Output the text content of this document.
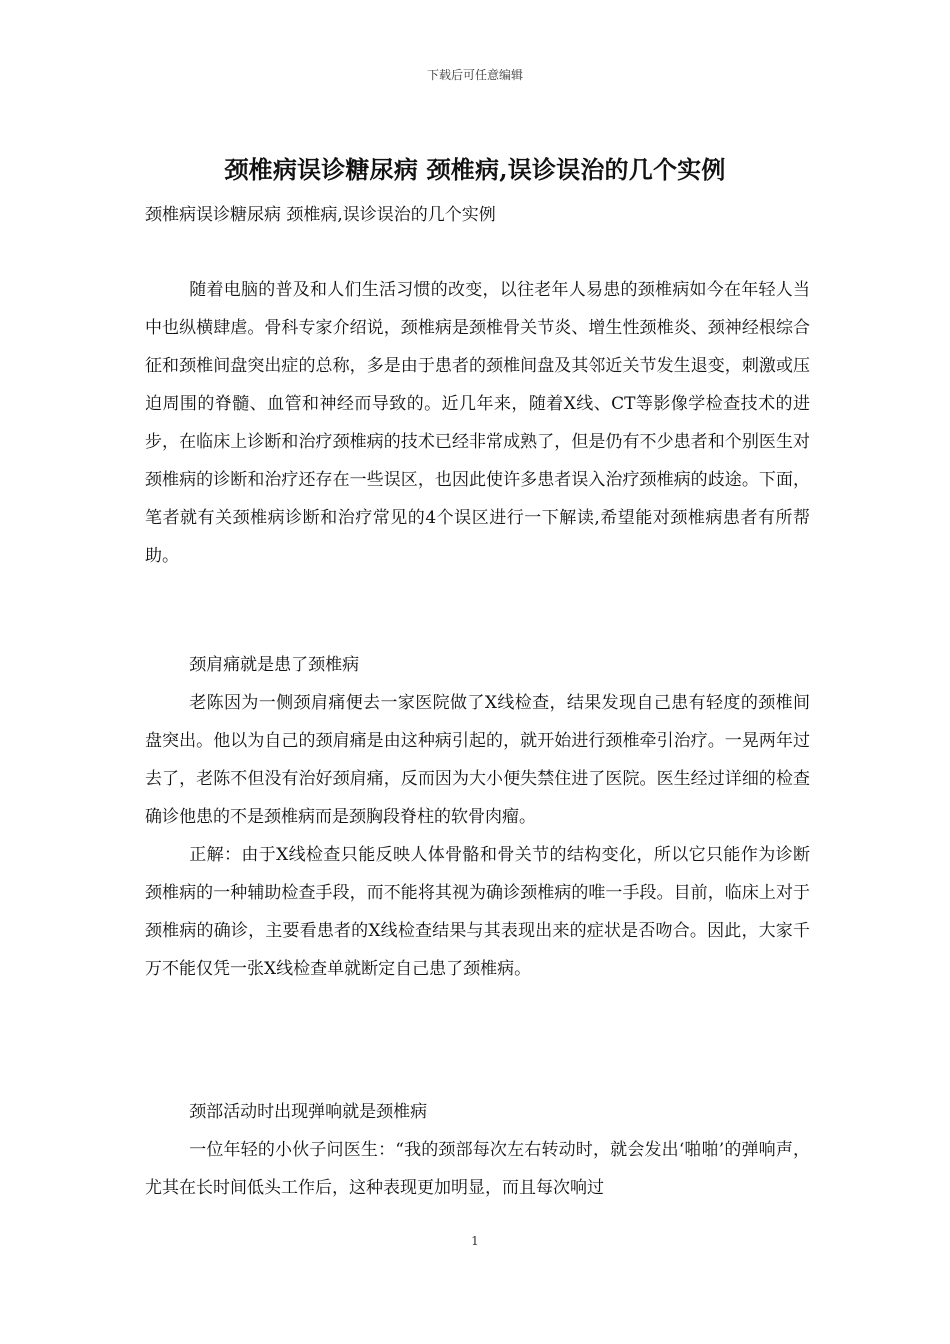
下载后可任意编辑
颈椎病误诊糖尿病 颈椎病,误诊误治的几个实例
颈椎病误诊糖尿病 颈椎病,误诊误治的几个实例

随着电脑的普及和人们生活习惯的改变，以往老年人易患的颈椎病如今在年轻人当中也纵横肆虐。骨科专家介绍说，颈椎病是颈椎骨关节炎、增生性颈椎炎、颈神经根综合征和颈椎间盘突出症的总称，多是由于患者的颈椎间盘及其邻近关节发生退变，刺激或压迫周围的脊髓、血管和神经而导致的。近几年来，随着X线、CT等影像学检查技术的进步，在临床上诊断和治疗颈椎病的技术已经非常成熟了，但是仍有不少患者和个别医生对颈椎病的诊断和治疗还存在一些误区，也因此使许多患者误入治疗颈椎病的歧途。下面，笔者就有关颈椎病诊断和治疗常见的4个误区进行一下解读,希望能对颈椎病患者有所帮助。

颈肩痛就是患了颈椎病

老陈因为一侧颈肩痛便去一家医院做了X线检查，结果发现自己患有轻度的颈椎间盘突出。他以为自己的颈肩痛是由这种病引起的，就开始进行颈椎牵引治疗。一晃两年过去了，老陈不但没有治好颈肩痛，反而因为大小便失禁住进了医院。医生经过详细的检查确诊他患的不是颈椎病而是颈胸段脊柱的软骨肉瘤。

正解：由于X线检查只能反映人体骨骼和骨关节的结构变化，所以它只能作为诊断颈椎病的一种辅助检查手段，而不能将其视为确诊颈椎病的唯一手段。目前，临床上对于颈椎病的确诊，主要看患者的X线检查结果与其表现出来的症状是否吻合。因此，大家千万不能仅凭一张X线检查单就断定自己患了颈椎病。

颈部活动时出现弹响就是颈椎病

一位年轻的小伙子问医生：“我的颈部每次左右转动时，就会发出‘啪啪’的弹响声，尤其在长时间低头工作后，这种表现更加明显，而且每次响过

1
